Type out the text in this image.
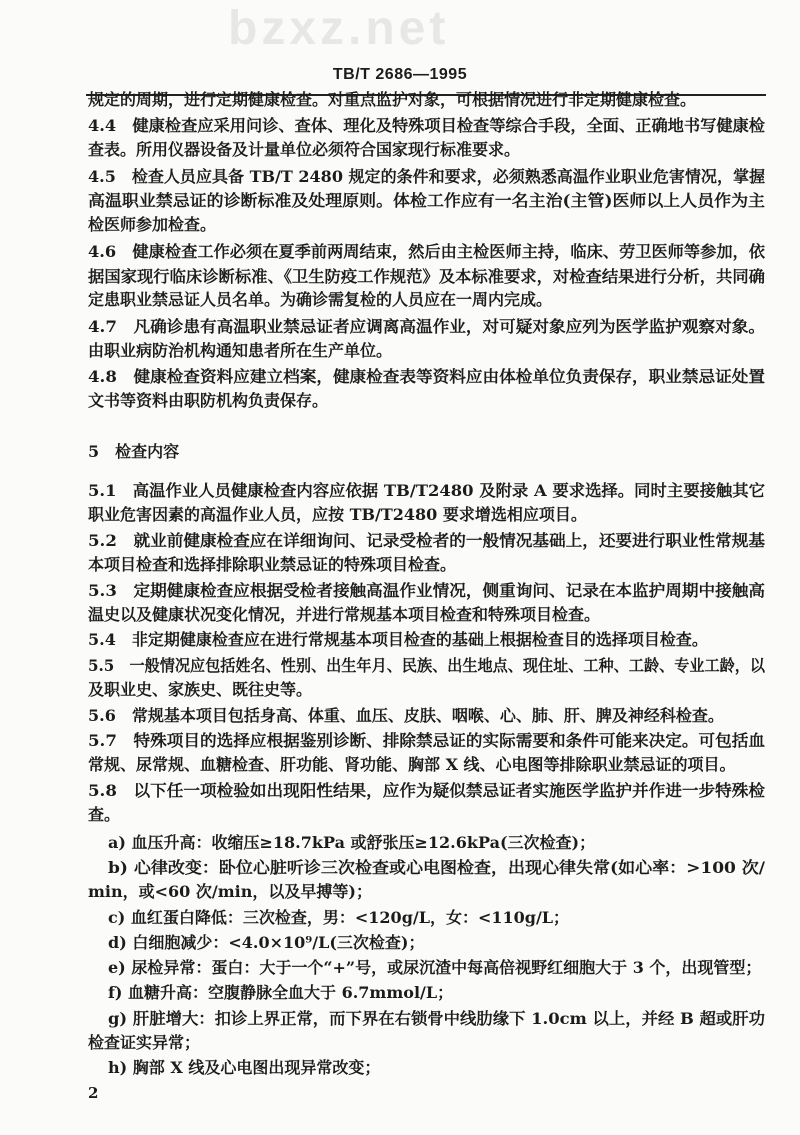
bzxz.net
TB/T 2686—1995
规定的周期，进行定期健康检查。对重点监护对象，可根据情况进行非定期健康检查。
4.4　健康检查应采用问诊、查体、理化及特殊项目检查等综合手段，全面、正确地书写健康检
查表。所用仪器设备及计量单位必须符合国家现行标准要求。
4.5　检查人员应具备 TB/T 2480 规定的条件和要求，必须熟悉高温作业职业危害情况，掌握
高温职业禁忌证的诊断标准及处理原则。体检工作应有一名主治(主管)医师以上人员作为主
检医师参加检查。
4.6　健康检查工作必须在夏季前两周结束，然后由主检医师主持，临床、劳卫医师等参加，依
据国家现行临床诊断标准、《卫生防疫工作规范》及本标准要求，对检查结果进行分析，共同确
定患职业禁忌证人员名单。为确诊需复检的人员应在一周内完成。
4.7　凡确诊患有高温职业禁忌证者应调离高温作业，对可疑对象应列为医学监护观察对象。
由职业病防治机构通知患者所在生产单位。
4.8　健康检查资料应建立档案，健康检查表等资料应由体检单位负责保存，职业禁忌证处置
文书等资料由职防机构负责保存。
5　检查内容
5.1　高温作业人员健康检查内容应依据 TB/T2480 及附录 A 要求选择。同时主要接触其它
职业危害因素的高温作业人员，应按 TB/T2480 要求增选相应项目。
5.2　就业前健康检查应在详细询问、记录受检者的一般情况基础上，还要进行职业性常规基
本项目检查和选择排除职业禁忌证的特殊项目检查。
5.3　定期健康检查应根据受检者接触高温作业情况，侧重询问、记录在本监护周期中接触高
温史以及健康状况变化情况，并进行常规基本项目检查和特殊项目检查。
5.4　非定期健康检查应在进行常规基本项目检查的基础上根据检查目的选择项目检查。
5.5　一般情况应包括姓名、性别、出生年月、民族、出生地点、现住址、工种、工龄、专业工龄，以
及职业史、家族史、既往史等。
5.6　常规基本项目包括身高、体重、血压、皮肤、咽喉、心、肺、肝、脾及神经科检查。
5.7　特殊项目的选择应根据鉴别诊断、排除禁忌证的实际需要和条件可能来决定。可包括血
常规、尿常规、血糖检查、肝功能、肾功能、胸部 X 线、心电图等排除职业禁忌证的项目。
5.8　以下任一项检验如出现阳性结果，应作为疑似禁忌证者实施医学监护并作进一步特殊检
查。
a) 血压升高：收缩压≥18.7kPa 或舒张压≥12.6kPa(三次检查)；
b) 心律改变：卧位心脏听诊三次检查或心电图检查，出现心律失常(如心率：>100 次/
min，或<60 次/min，以及早搏等)；
c) 血红蛋白降低：三次检查，男：<120g/L，女：<110g/L；
d) 白细胞减少：<4.0×10⁹/L(三次检查)；
e) 尿检异常：蛋白：大于一个“+”号，或尿沉渣中每高倍视野红细胞大于 3 个，出现管型；
f) 血糖升高：空腹静脉全血大于 6.7mmol/L；
g) 肝脏增大：扣诊上界正常，而下界在右锁骨中线肋缘下 1.0cm 以上，并经 B 超或肝功
检查证实异常；
h) 胸部 X 线及心电图出现异常改变；
2
